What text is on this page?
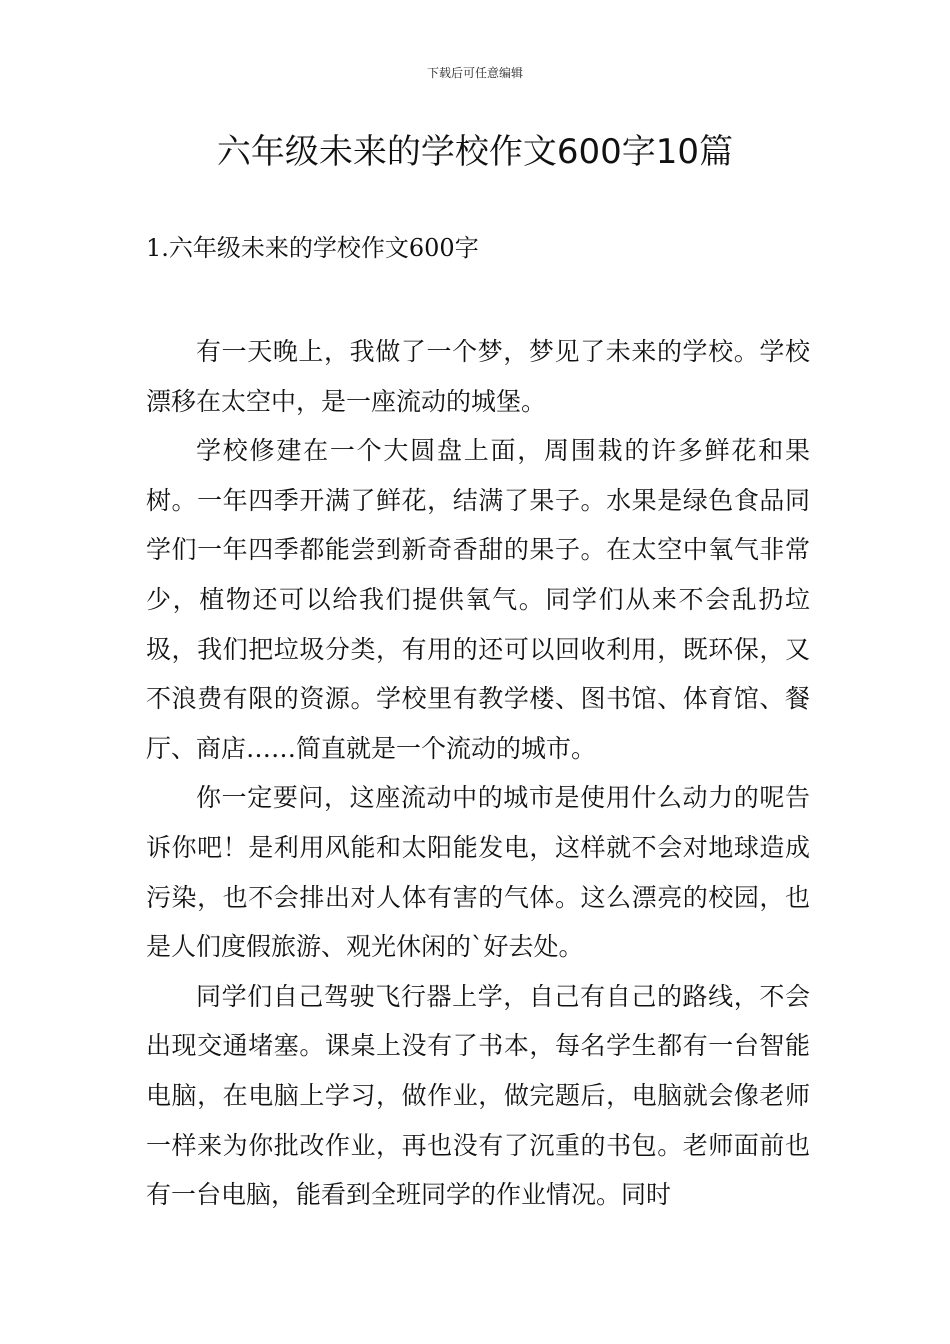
下载后可任意编辑
六年级未来的学校作文600字10篇
1.六年级未来的学校作文600字

有一天晚上，我做了一个梦，梦见了未来的学校。学校漂移在太空中，是一座流动的城堡。

学校修建在一个大圆盘上面，周围栽的许多鲜花和果树。一年四季开满了鲜花，结满了果子。水果是绿色食品同学们一年四季都能尝到新奇香甜的果子。在太空中氧气非常少，植物还可以给我们提供氧气。同学们从来不会乱扔垃圾，我们把垃圾分类，有用的还可以回收利用，既环保，又不浪费有限的资源。学校里有教学楼、图书馆、体育馆、餐厅、商店……简直就是一个流动的城市。

你一定要问，这座流动中的城市是使用什么动力的呢告诉你吧！是利用风能和太阳能发电，这样就不会对地球造成污染，也不会排出对人体有害的气体。这么漂亮的校园，也是人们度假旅游、观光休闲的`好去处。

同学们自己驾驶飞行器上学，自己有自己的路线，不会出现交通堵塞。课桌上没有了书本，每名学生都有一台智能电脑，在电脑上学习，做作业，做完题后，电脑就会像老师一样来为你批改作业，再也没有了沉重的书包。老师面前也有一台电脑，能看到全班同学的作业情况。同时
